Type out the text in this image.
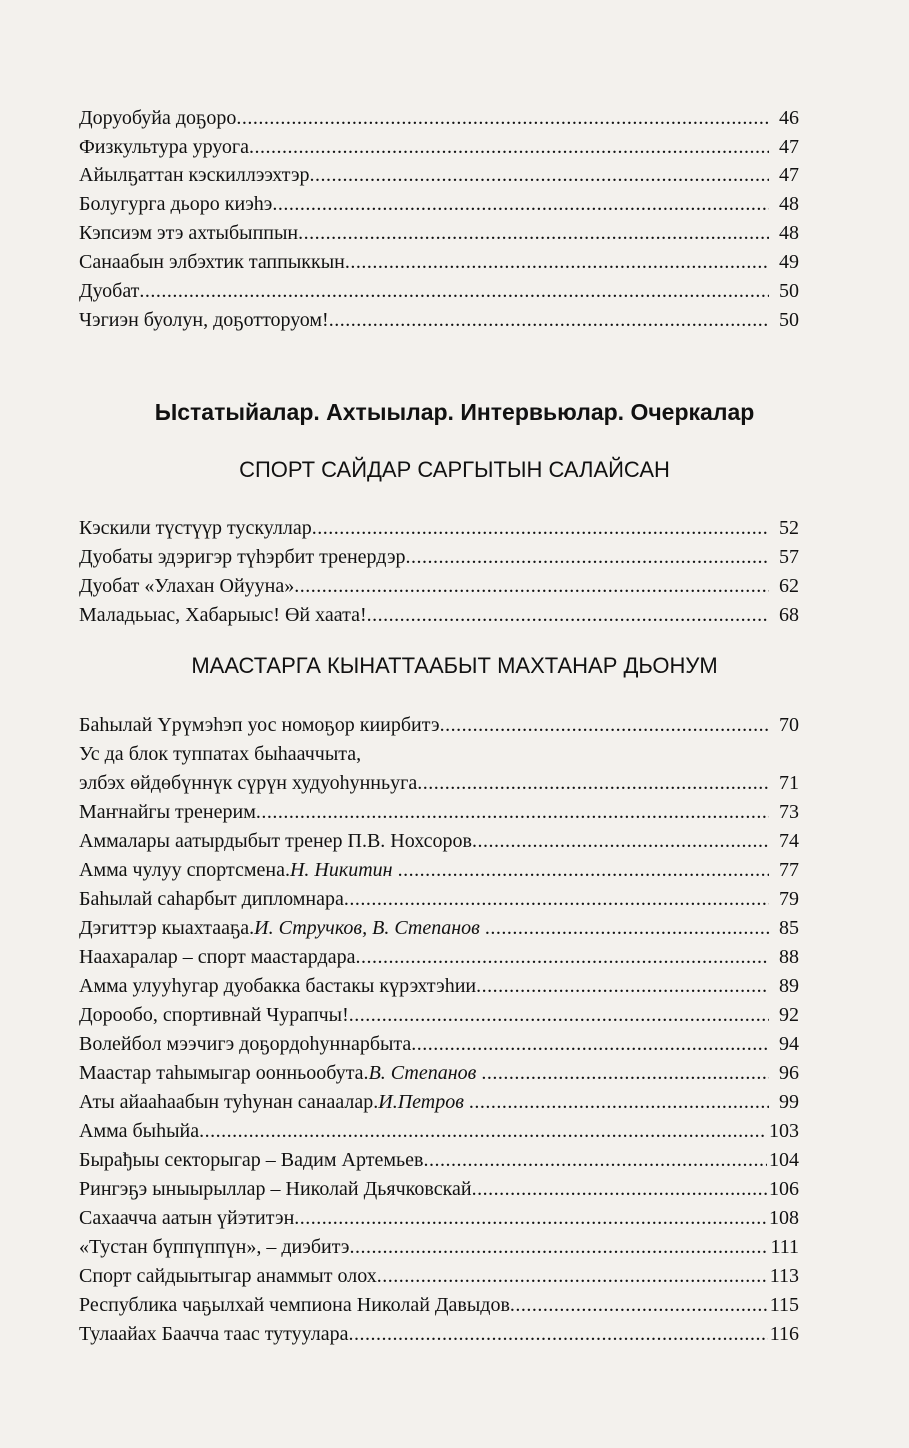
Доруобуйа доҕоро .....	46
Физкультура уруога .....	47
Айылҕаттан кэскиллээхтэр .....	47
Болугурга дьоро киэһэ .....	48
Кэпсиэм этэ ахтыбыппын .....	48
Санаабын элбэхтик таппыккын .....	49
Дуобат .....	50
Чэгиэн буолун, доҕотторуом! .....	50
Ыстатыйалар. Ахтыылар. Интервьюлар. Очеркалар
СПОРТ САЙДАР САРГЫТЫН САЛАЙСАН
Кэскили түстүүр тускуллар .....	52
Дуобаты эдэригэр түһэрбит тренердэр .....	57
Дуобат «Улахан Ойууна» .....	62
Маладьыас, Хабарыыс! Өй хаата! .....	68
МААСТАРГА КЫНАТТААБЫТ МАХТАНАР ДЬОНУМ
Баһылай Үрүмэһэп уос номоҕор киирбитэ .....	70
Ус да блок туппатах быһааччыта,
элбэх өйдөбүннүк сүрүн худуоһунньуга .....	71
Маҥнайгы тренерим .....	73
Аммалары аатырдыбыт тренер П.В. Нохсоров .....	74
Амма чулуу спортсмена. Н. Никитин .....	77
Баһылай саһарбыт дипломнара .....	79
Дэгиттэр кыахтааҕа. И. Стручков, В. Степанов .....	85
Наахаралар – спорт маастардара .....	88
Амма улууһугар дуобакка бастакы күрэхтэһии .....	89
Дорообо, спортивнай Чурапчы! .....	92
Волейбол мээчигэ доҕордоһуннарбыта .....	94
Маастар таһымыгар оонньообута. В. Степанов .....	96
Аты айааһаабын туһунан санаалар. И.Петров .....	99
Амма быһыйа .....	103
Бырађыы секторыгар – Вадим Артемьев .....	104
Рингэҕэ ыныырыллар – Николай Дьячковскай .....	106
Сахаачча аатын үйэтитэн .....	108
«Тустан бүппүппүн», – диэбитэ .....	111
Спорт сайдыытыгар анаммыт олох .....	113
Республика чаҕылхай чемпиона Николай Давыдов .....	115
Тулаайах Баачча таас тутуулара .....	116
